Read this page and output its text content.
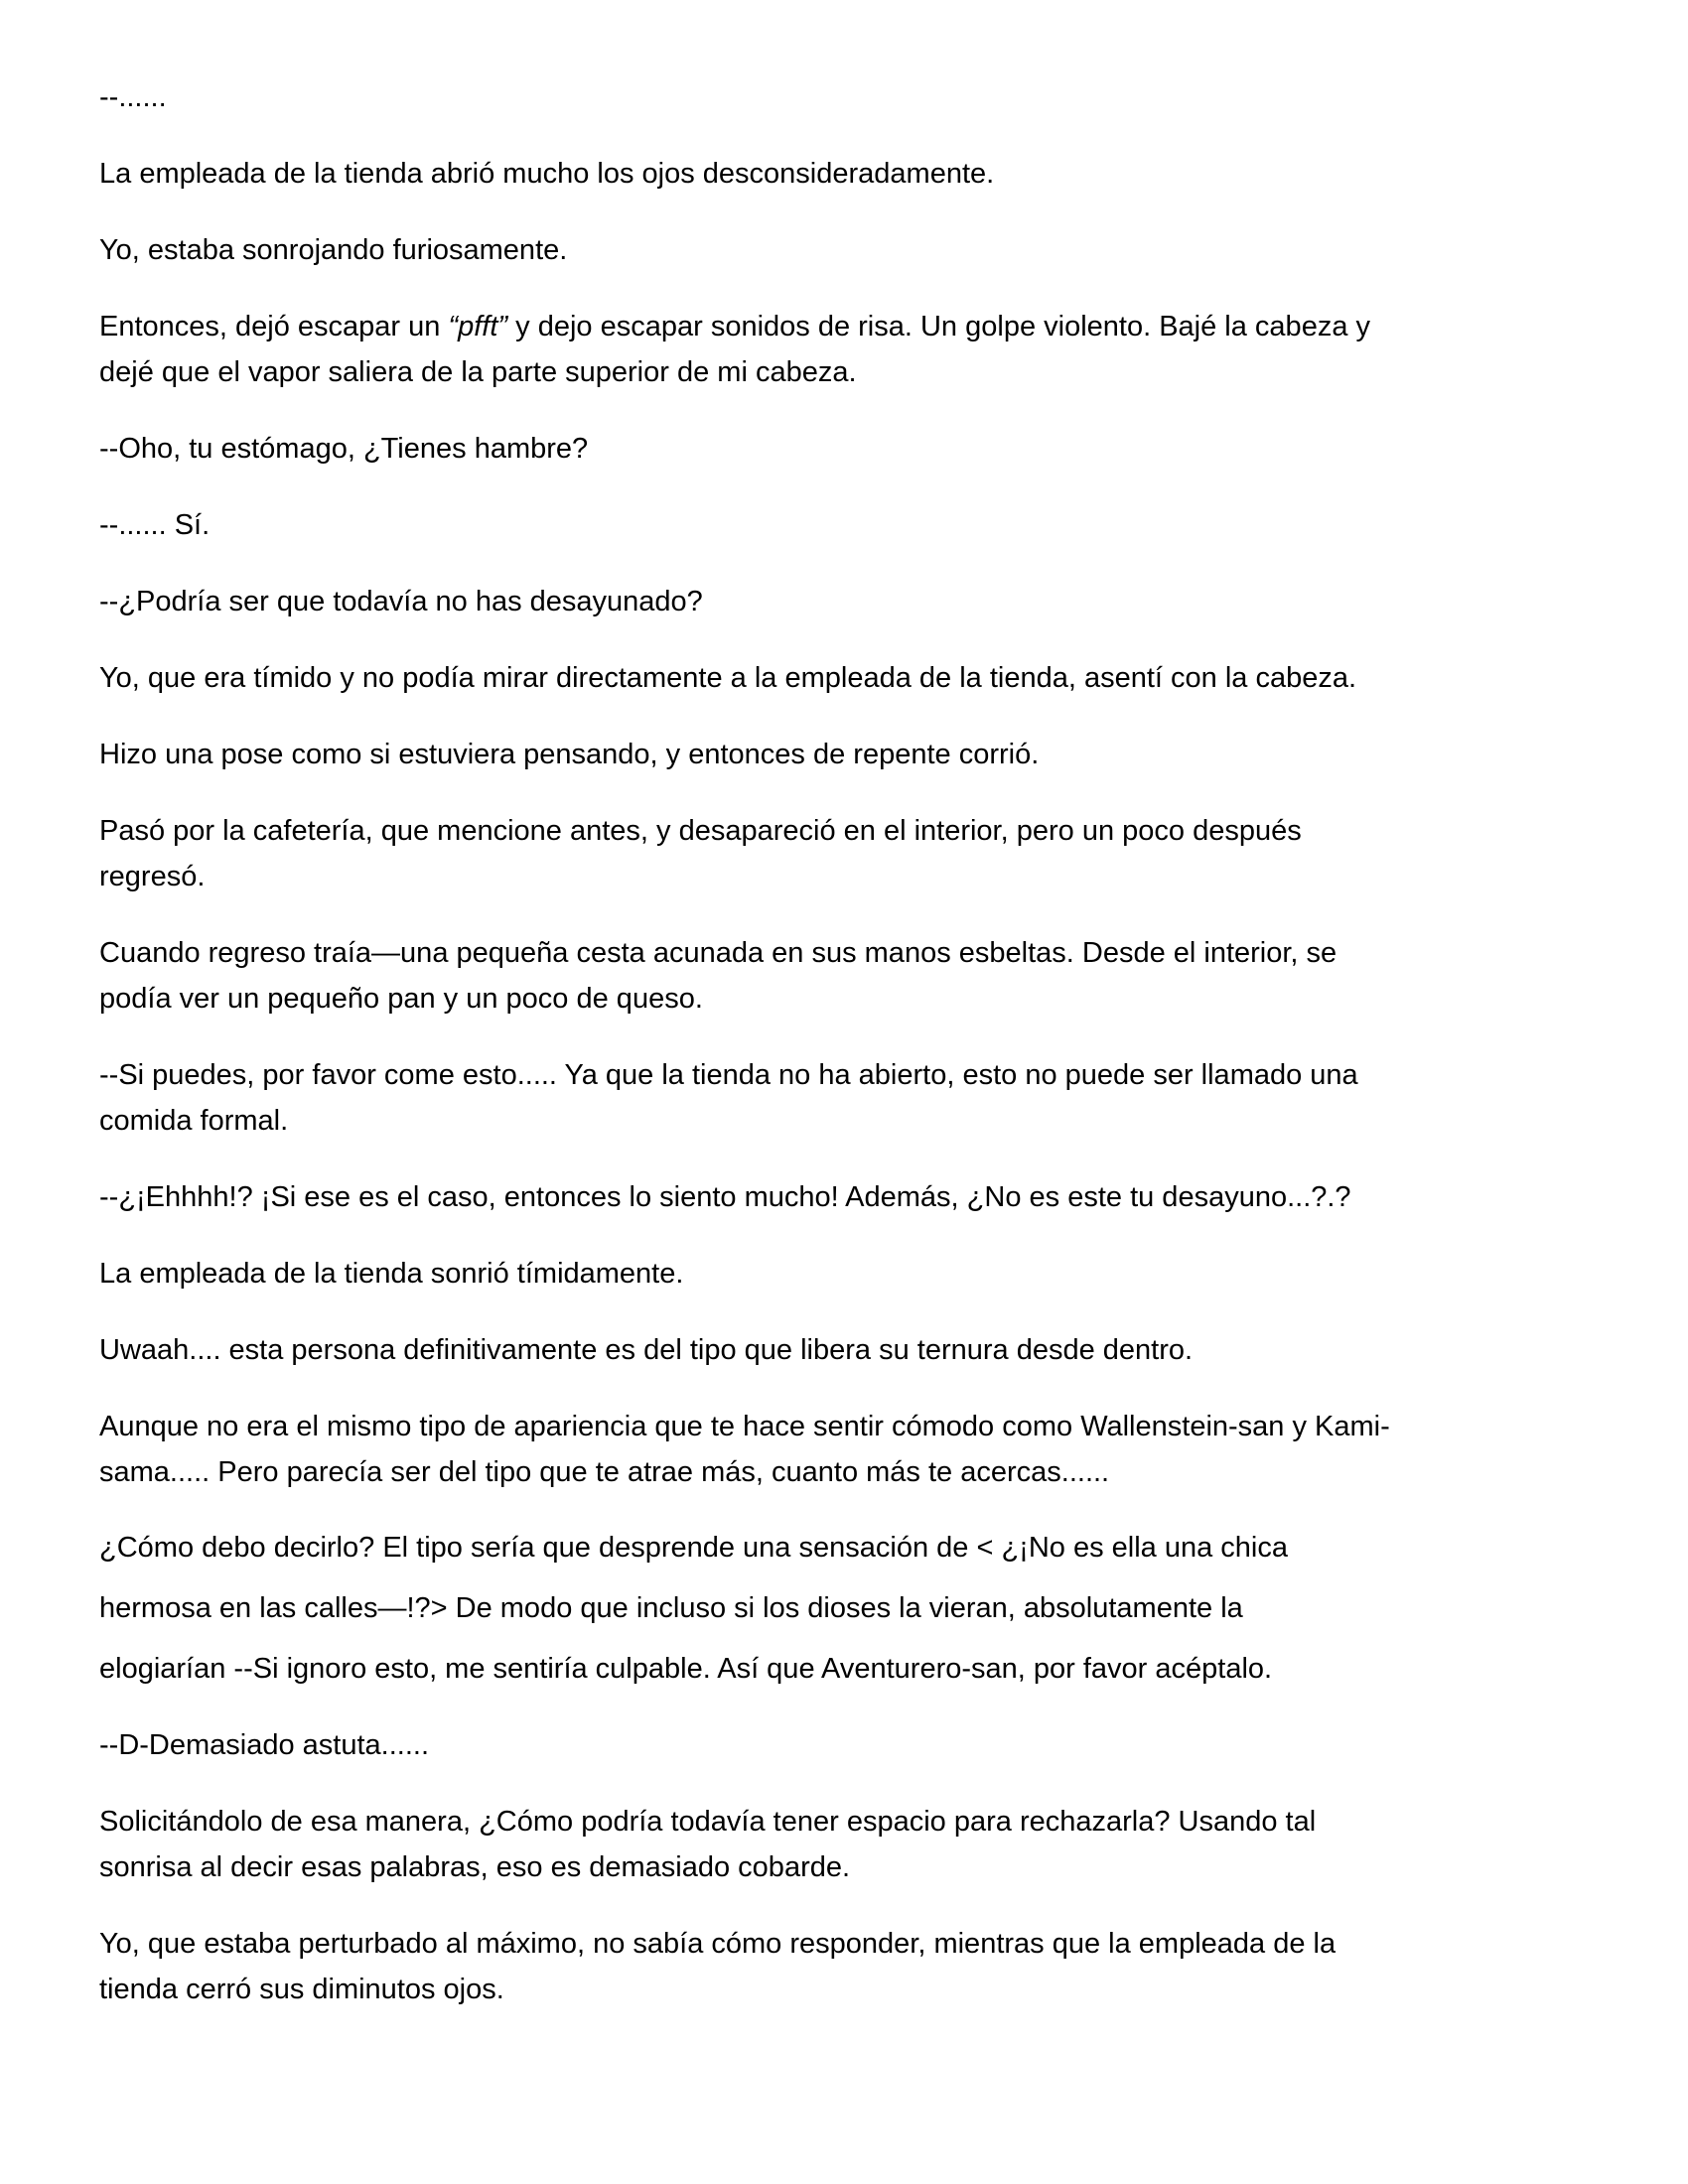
--......

La empleada de la tienda abrió mucho los ojos desconsideradamente.

Yo, estaba sonrojando furiosamente.

Entonces, dejó escapar un “pfft” y dejo escapar sonidos de risa. Un golpe violento. Bajé la cabeza y
dejé que el vapor saliera de la parte superior de mi cabeza.

--Oho, tu estómago, ¿Tienes hambre?

--...... Sí.

--¿Podría ser que todavía no has desayunado?

Yo, que era tímido y no podía mirar directamente a la empleada de la tienda, asentí con la cabeza.

Hizo una pose como si estuviera pensando, y entonces de repente corrió.

Pasó por la cafetería, que mencione antes, y desapareció en el interior, pero un poco después
regresó.

Cuando regreso traía—una pequeña cesta acunada en sus manos esbeltas. Desde el interior, se
podía ver un pequeño pan y un poco de queso.

--Si puedes, por favor come esto..... Ya que la tienda no ha abierto, esto no puede ser llamado una
comida formal.

--¿¡Ehhhh!? ¡Si ese es el caso, entonces lo siento mucho! Además, ¿No es este tu desayuno...?.?

La empleada de la tienda sonrió tímidamente.

Uwaah.... esta persona definitivamente es del tipo que libera su ternura desde dentro.

Aunque no era el mismo tipo de apariencia que te hace sentir cómodo como Wallenstein-san y Kami-
sama..... Pero parecía ser del tipo que te atrae más, cuanto más te acercas......

¿Cómo debo decirlo? El tipo sería que desprende una sensación de < ¿¡No es ella una chica
hermosa en las calles—!?> De modo que incluso si los dioses la vieran, absolutamente la
elogiarían --Si ignoro esto, me sentiría culpable. Así que Aventurero-san, por favor acéptalo.

--D-Demasiado astuta......

Solicitándolo de esa manera, ¿Cómo podría todavía tener espacio para rechazarla? Usando tal
sonrisa al decir esas palabras, eso es demasiado cobarde.

Yo, que estaba perturbado al máximo, no sabía cómo responder, mientras que la empleada de la
tienda cerró sus diminutos ojos.
